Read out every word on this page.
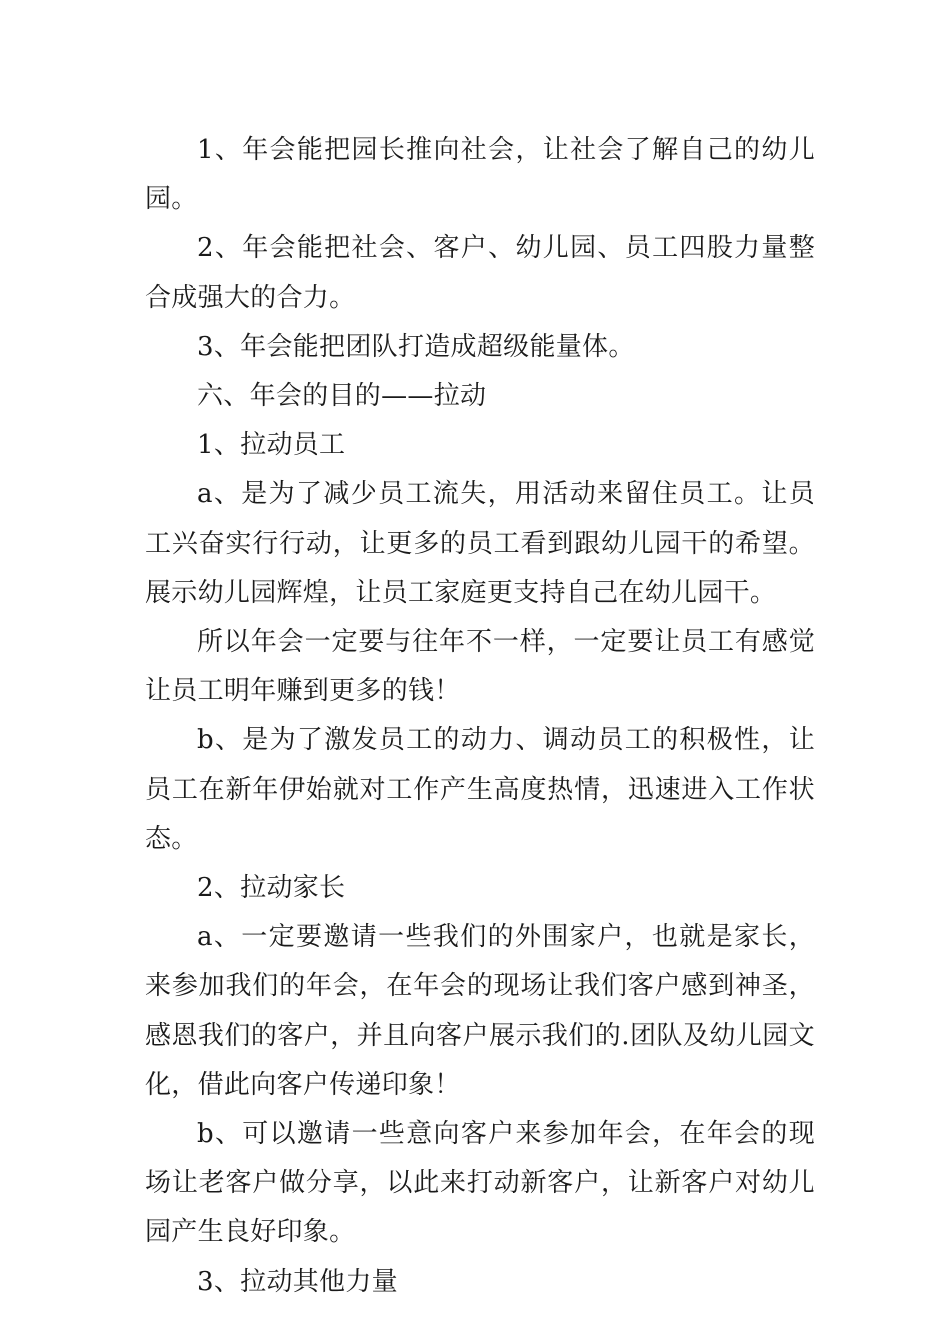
1、年会能把园长推向社会，让社会了解自己的幼儿园。

2、年会能把社会、客户、幼儿园、员工四股力量整合成强大的合力。

3、年会能把团队打造成超级能量体。

六、年会的目的——拉动

1、拉动员工

a、是为了减少员工流失，用活动来留住员工。让员工兴奋实行行动，让更多的员工看到跟幼儿园干的希望。展示幼儿园辉煌，让员工家庭更支持自己在幼儿园干。

所以年会一定要与往年不一样，一定要让员工有感觉让员工明年赚到更多的钱！

b、是为了激发员工的动力、调动员工的积极性，让员工在新年伊始就对工作产生高度热情，迅速进入工作状态。

2、拉动家长

a、一定要邀请一些我们的外围家户，也就是家长，来参加我们的年会，在年会的现场让我们客户感到神圣，感恩我们的客户，并且向客户展示我们的.团队及幼儿园文化，借此向客户传递印象！

b、可以邀请一些意向客户来参加年会，在年会的现场让老客户做分享，以此来打动新客户，让新客户对幼儿园产生良好印象。

3、拉动其他力量
